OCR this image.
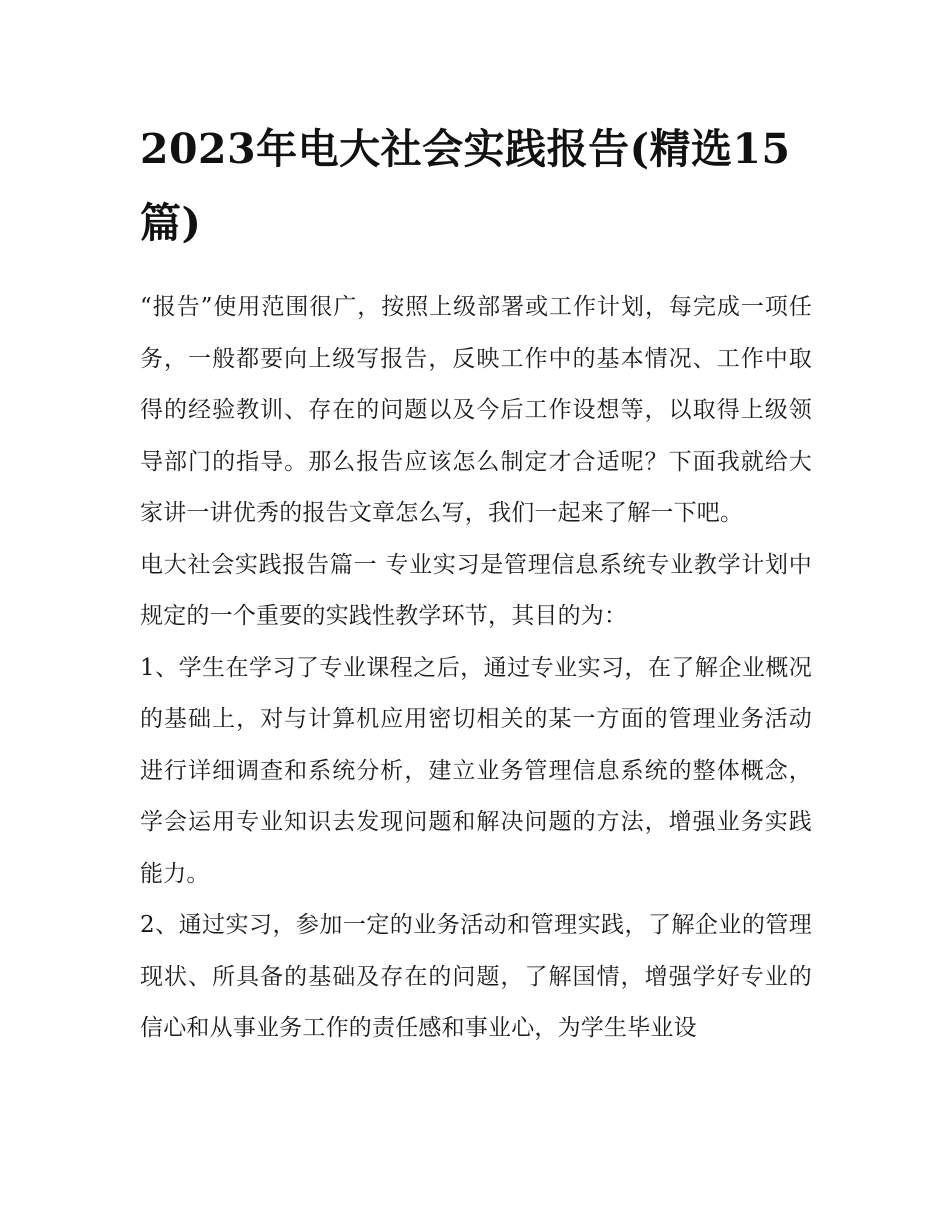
2023年电大社会实践报告(精选15篇)

“报告”使用范围很广，按照上级部署或工作计划，每完成一项任务，一般都要向上级写报告，反映工作中的基本情况、工作中取得的经验教训、存在的问题以及今后工作设想等，以取得上级领导部门的指导。那么报告应该怎么制定才合适呢？下面我就给大家讲一讲优秀的报告文章怎么写，我们一起来了解一下吧。

电大社会实践报告篇一 专业实习是管理信息系统专业教学计划中规定的一个重要的实践性教学环节，其目的为：

1、学生在学习了专业课程之后，通过专业实习，在了解企业概况的基础上，对与计算机应用密切相关的某一方面的管理业务活动进行详细调查和系统分析，建立业务管理信息系统的整体概念，学会运用专业知识去发现问题和解决问题的方法，增强业务实践能力。

2、通过实习，参加一定的业务活动和管理实践，了解企业的管理现状、所具备的基础及存在的问题，了解国情，增强学好专业的信心和从事业务工作的责任感和事业心，为学生毕业设
